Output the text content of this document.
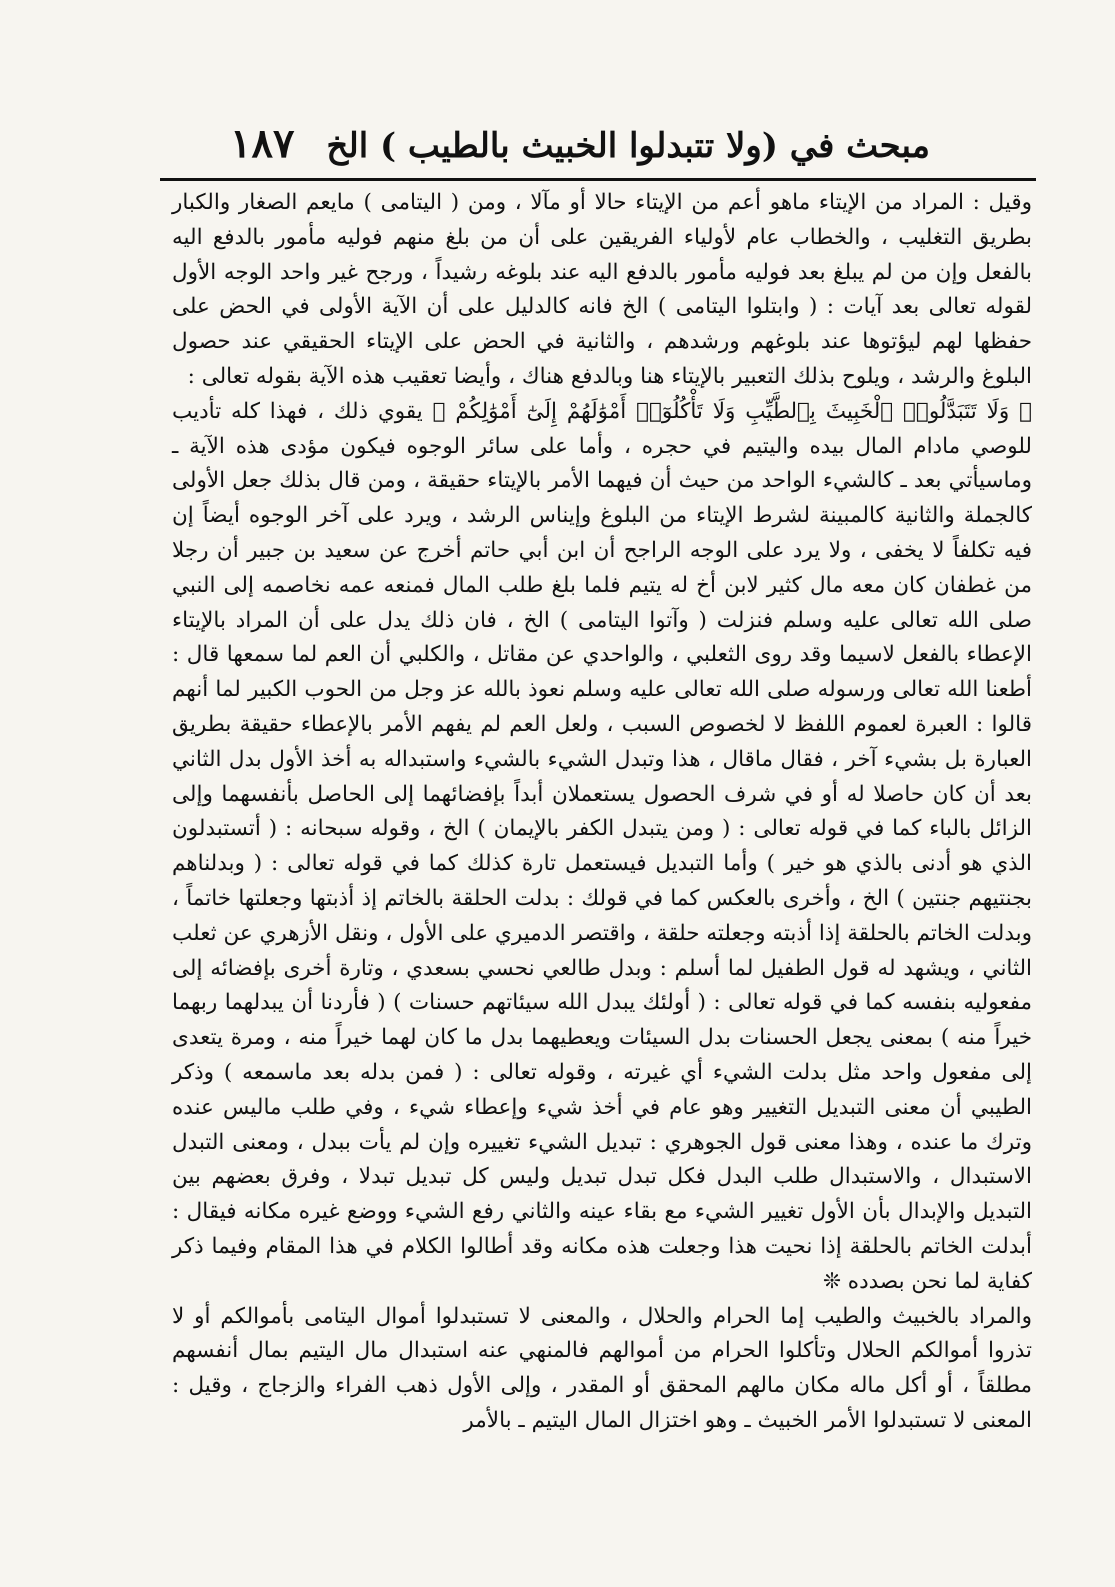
مبحث في (ولا تتبدلوا الخبيث بالطيب ) الخ
١٨٧

وقيل : المراد من الإيتاء ماهو أعم من الإيتاء حالا أو مآلا ، ومن ( اليتامى ) مايعم الصغار والكبار بطريق التغليب ، والخطاب عام لأولياء الفريقين على أن من بلغ منهم فوليه مأمور بالدفع اليه بالفعل وإن من لم يبلغ بعد فوليه مأمور بالدفع اليه عند بلوغه رشيداً ، ورجح غير واحد الوجه الأول لقوله تعالى بعد آيات : ( وابتلوا اليتامى ) الخ فانه كالدليل على أن الآية الأولى في الحض على حفظها لهم ليؤتوها عند بلوغهم ورشدهم ، والثانية في الحض على الإيتاء الحقيقي عند حصول البلوغ والرشد ، ويلوح بذلك التعبير بالإيتاء هنا وبالدفع هناك ، وأيضا تعقيب هذه الآية بقوله تعالى :

﴿ وَلَا تَتَبَدَّلُوا۟ ٱلْخَبِيثَ بِٱلطَّيِّبِ وَلَا تَأْكُلُوٓا۟ أَمْوَٰلَهُمْ إِلَىٰٓ أَمْوَٰلِكُمْ ﴾ يقوي ذلك ، فهذا كله تأديب للوصي مادام المال بيده واليتيم في حجره ، وأما على سائر الوجوه فيكون مؤدى هذه الآية ـ وماسيأتي بعد ـ كالشيء الواحد من حيث أن فيهما الأمر بالإيتاء حقيقة ، ومن قال بذلك جعل الأولى كالجملة والثانية كالمبينة لشرط الإيتاء من البلوغ وإيناس الرشد ، ويرد على آخر الوجوه أيضاً إن فيه تكلفاً لا يخفى ، ولا يرد على الوجه الراجح أن ابن أبي حاتم أخرج عن سعيد بن جبير أن رجلا من غطفان كان معه مال كثير لابن أخ له يتيم فلما بلغ طلب المال فمنعه عمه نخاصمه إلى النبي صلى الله تعالى عليه وسلم فنزلت ( وآتوا اليتامى ) الخ ، فان ذلك يدل على أن المراد بالإيتاء الإعطاء بالفعل لاسيما وقد روى الثعلبي ، والواحدي عن مقاتل ، والكلبي أن العم لما سمعها قال : أطعنا الله تعالى ورسوله صلى الله تعالى عليه وسلم نعوذ بالله عز وجل من الحوب الكبير لما أنهم قالوا : العبرة لعموم اللفظ لا لخصوص السبب ، ولعل العم لم يفهم الأمر بالإعطاء حقيقة بطريق العبارة بل بشيء آخر ، فقال ماقال ، هذا وتبدل الشيء بالشيء واستبداله به أخذ الأول بدل الثاني بعد أن كان حاصلا له أو في شرف الحصول يستعملان أبداً بإفضائهما إلى الحاصل بأنفسهما وإلى الزائل بالباء كما في قوله تعالى : ( ومن يتبدل الكفر بالإيمان ) الخ ، وقوله سبحانه : ( أتستبدلون الذي هو أدنى بالذي هو خير ) وأما التبديل فيستعمل تارة كذلك كما في قوله تعالى : ( وبدلناهم بجنتيهم جنتين ) الخ ، وأخرى بالعكس كما في قولك : بدلت الحلقة بالخاتم إذ أذبتها وجعلتها خاتماً ، وبدلت الخاتم بالحلقة إذا أذبته وجعلته حلقة ، واقتصر الدميري على الأول ، ونقل الأزهري عن ثعلب الثاني ، ويشهد له قول الطفيل لما أسلم : وبدل طالعي نحسي بسعدي ، وتارة أخرى بإفضائه إلى مفعوليه بنفسه كما في قوله تعالى : ( أولئك يبدل الله سيئاتهم حسنات ) ( فأردنا أن يبدلهما ربهما خيراً منه ) بمعنى يجعل الحسنات بدل السيئات ويعطيهما بدل ما كان لهما خيراً منه ، ومرة يتعدى إلى مفعول واحد مثل بدلت الشيء أي غيرته ، وقوله تعالى : ( فمن بدله بعد ماسمعه ) وذكر الطيبي أن معنى التبديل التغيير وهو عام في أخذ شيء وإعطاء شيء ، وفي طلب ماليس عنده وترك ما عنده ، وهذا معنى قول الجوهري : تبديل الشيء تغييره وإن لم يأت ببدل ، ومعنى التبدل الاستبدال ، والاستبدال طلب البدل فكل تبدل تبديل وليس كل تبديل تبدلا ، وفرق بعضهم بين التبديل والإبدال بأن الأول تغيير الشيء مع بقاء عينه والثاني رفع الشيء ووضع غيره مكانه فيقال : أبدلت الخاتم بالحلقة إذا نحيت هذا وجعلت هذه مكانه وقد أطالوا الكلام في هذا المقام وفيما ذكر كفاية لما نحن بصدده ❊

والمراد بالخبيث والطيب إما الحرام والحلال ، والمعنى لا تستبدلوا أموال اليتامى بأموالكم أو لا تذروا أموالكم الحلال وتأكلوا الحرام من أموالهم فالمنهي عنه استبدال مال اليتيم بمال أنفسهم مطلقاً ، أو أكل ماله مكان مالهم المحقق أو المقدر ، وإلى الأول ذهب الفراء والزجاج ، وقيل : المعنى لا تستبدلوا الأمر الخبيث ـ وهو اختزال المال اليتيم ـ بالأمر
